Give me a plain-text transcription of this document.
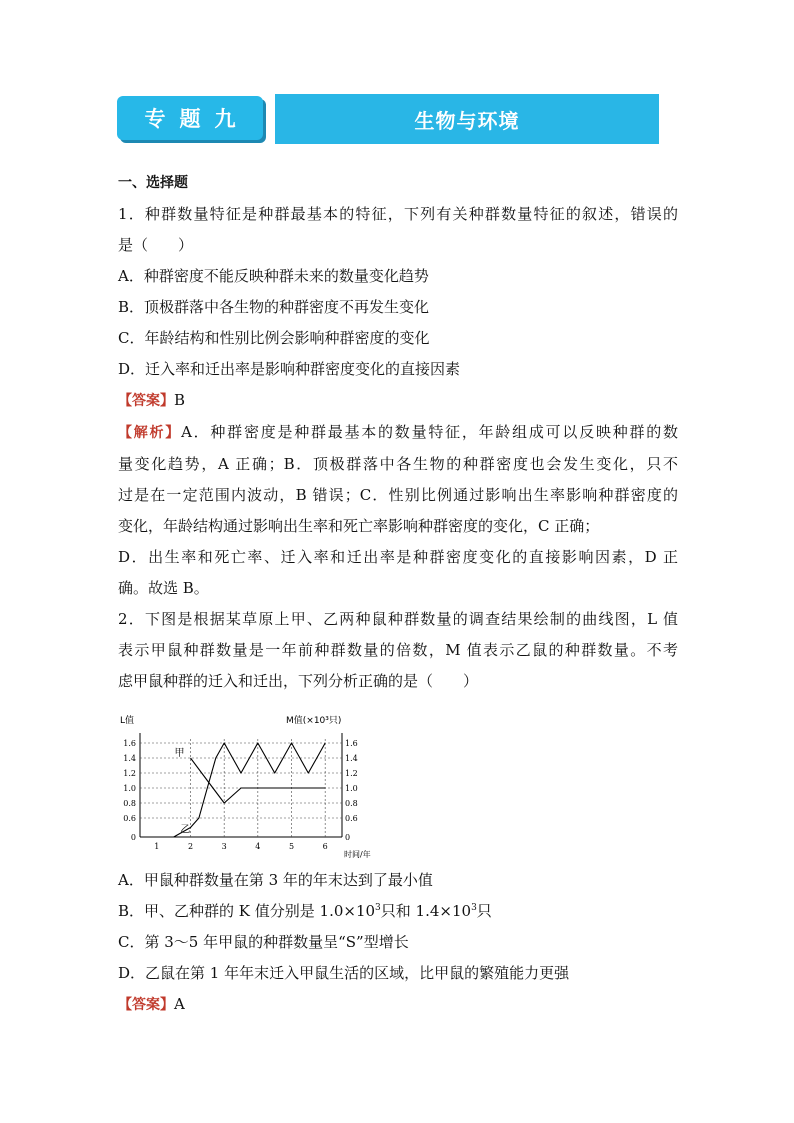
专题九	生物与环境
一、选择题
1．种群数量特征是种群最基本的特征，下列有关种群数量特征的叙述，错误的
是（　　）
A．种群密度不能反映种群未来的数量变化趋势
B．顶极群落中各生物的种群密度不再发生变化
C．年龄结构和性别比例会影响种群密度的变化
D．迁入率和迁出率是影响种群密度变化的直接因素
【答案】B
【解析】A．种群密度是种群最基本的数量特征，年龄组成可以反映种群的数
量变化趋势，A 正确；B．顶极群落中各生物的种群密度也会发生变化，只不
过是在一定范围内波动，B 错误；C．性别比例通过影响出生率影响种群密度的
变化，年龄结构通过影响出生率和死亡率影响种群密度的变化，C 正确；
D．出生率和死亡率、迁入率和迁出率是种群密度变化的直接影响因素，D 正
确。故选 B。
2．下图是根据某草原上甲、乙两种鼠种群数量的调查结果绘制的曲线图，L 值
表示甲鼠种群数量是一年前种群数量的倍数，M 值表示乙鼠的种群数量。不考
虑甲鼠种群的迁入和迁出，下列分析正确的是（　　）
1.6
1.4
1.2
1.0
0.8
0.6
0
1.6
1.4
1.2
1.0
0.8
0.6
0
1	2	3	4	5	6
L值	M值(×10³只)
时间/年
甲
乙
A．甲鼠种群数量在第 3 年的年末达到了最小值
B．甲、乙种群的 K 值分别是 $1.0\times 10^3$只和 $1.4\times 10^3$只
C．第 3～5 年甲鼠的种群数量呈“S”型增长
D．乙鼠在第 1 年年末迁入甲鼠生活的区域，比甲鼠的繁殖能力更强
【答案】A
